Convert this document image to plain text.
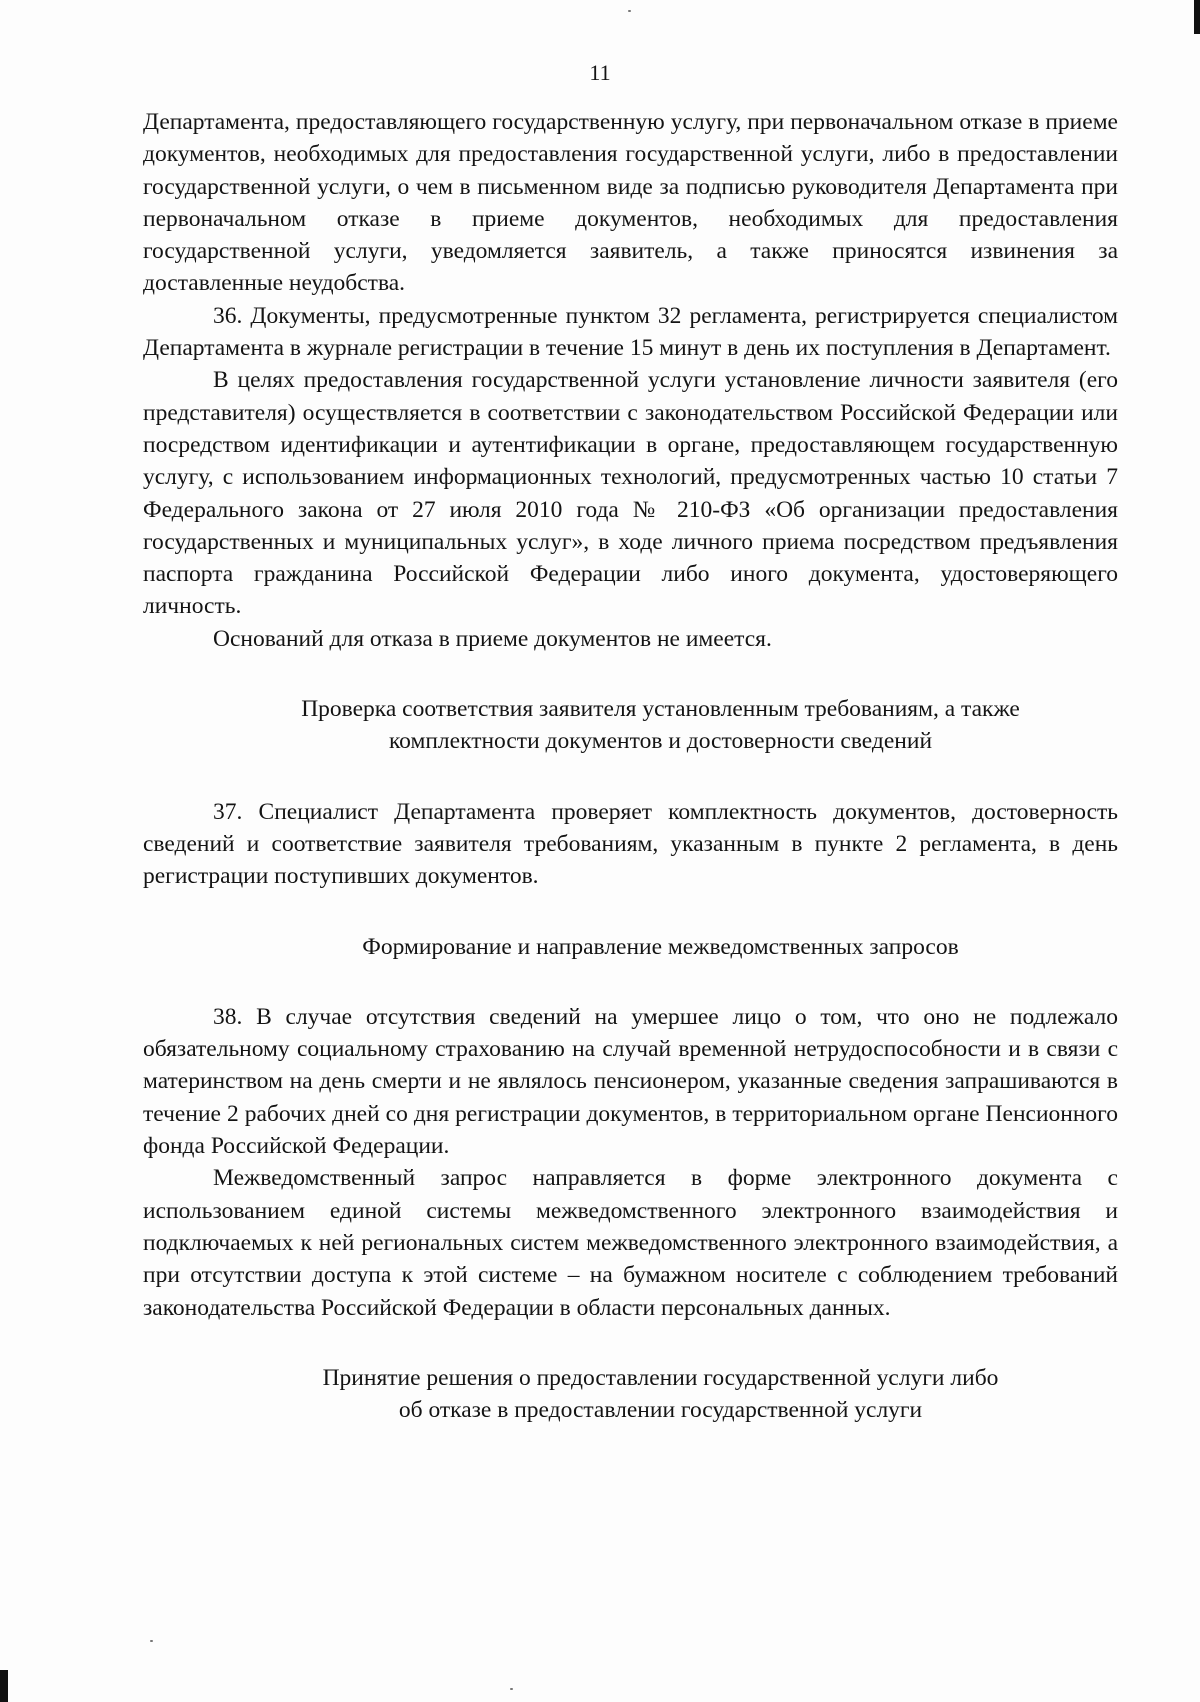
11

Департамента, предоставляющего государственную услугу, при первоначальном отказе в приеме документов, необходимых для предоставления государственной услуги, либо в предоставлении государственной услуги, о чем в письменном виде за подписью руководителя Департамента при первоначальном отказе в приеме документов, необходимых для предоставления государственной услуги, уведомляется заявитель, а также приносятся извинения за доставленные неудобства.

36. Документы, предусмотренные пунктом 32 регламента, регистрируется специалистом Департамента в журнале регистрации в течение 15 минут в день их поступления в Департамент.

В целях предоставления государственной услуги установление личности заявителя (его представителя) осуществляется в соответствии с законодательством Российской Федерации или посредством идентификации и аутентификации в органе, предоставляющем государственную услугу, с использованием информационных технологий, предусмотренных частью 10 статьи 7 Федерального закона от 27 июля 2010 года № 210-ФЗ «Об организации предоставления государственных и муниципальных услуг», в ходе личного приема посредством предъявления паспорта гражданина Российской Федерации либо иного документа, удостоверяющего личность.

Оснований для отказа в приеме документов не имеется.

Проверка соответствия заявителя установленным требованиям, а также
комплектности документов и достоверности сведений

37. Специалист Департамента проверяет комплектность документов, достоверность сведений и соответствие заявителя требованиям, указанным в пункте 2 регламента, в день регистрации поступивших документов.

Формирование и направление межведомственных запросов

38. В случае отсутствия сведений на умершее лицо о том, что оно не подлежало обязательному социальному страхованию на случай временной нетрудоспособности и в связи с материнством на день смерти и не являлось пенсионером, указанные сведения запрашиваются в течение 2 рабочих дней со дня регистрации документов, в территориальном органе Пенсионного фонда Российской Федерации.

Межведомственный запрос направляется в форме электронного документа с использованием единой системы межведомственного электронного взаимодействия и подключаемых к ней региональных систем межведомственного электронного взаимодействия, а при отсутствии доступа к этой системе – на бумажном носителе с соблюдением требований законодательства Российской Федерации в области персональных данных.

Принятие решения о предоставлении государственной услуги либо
об отказе в предоставлении государственной услуги
